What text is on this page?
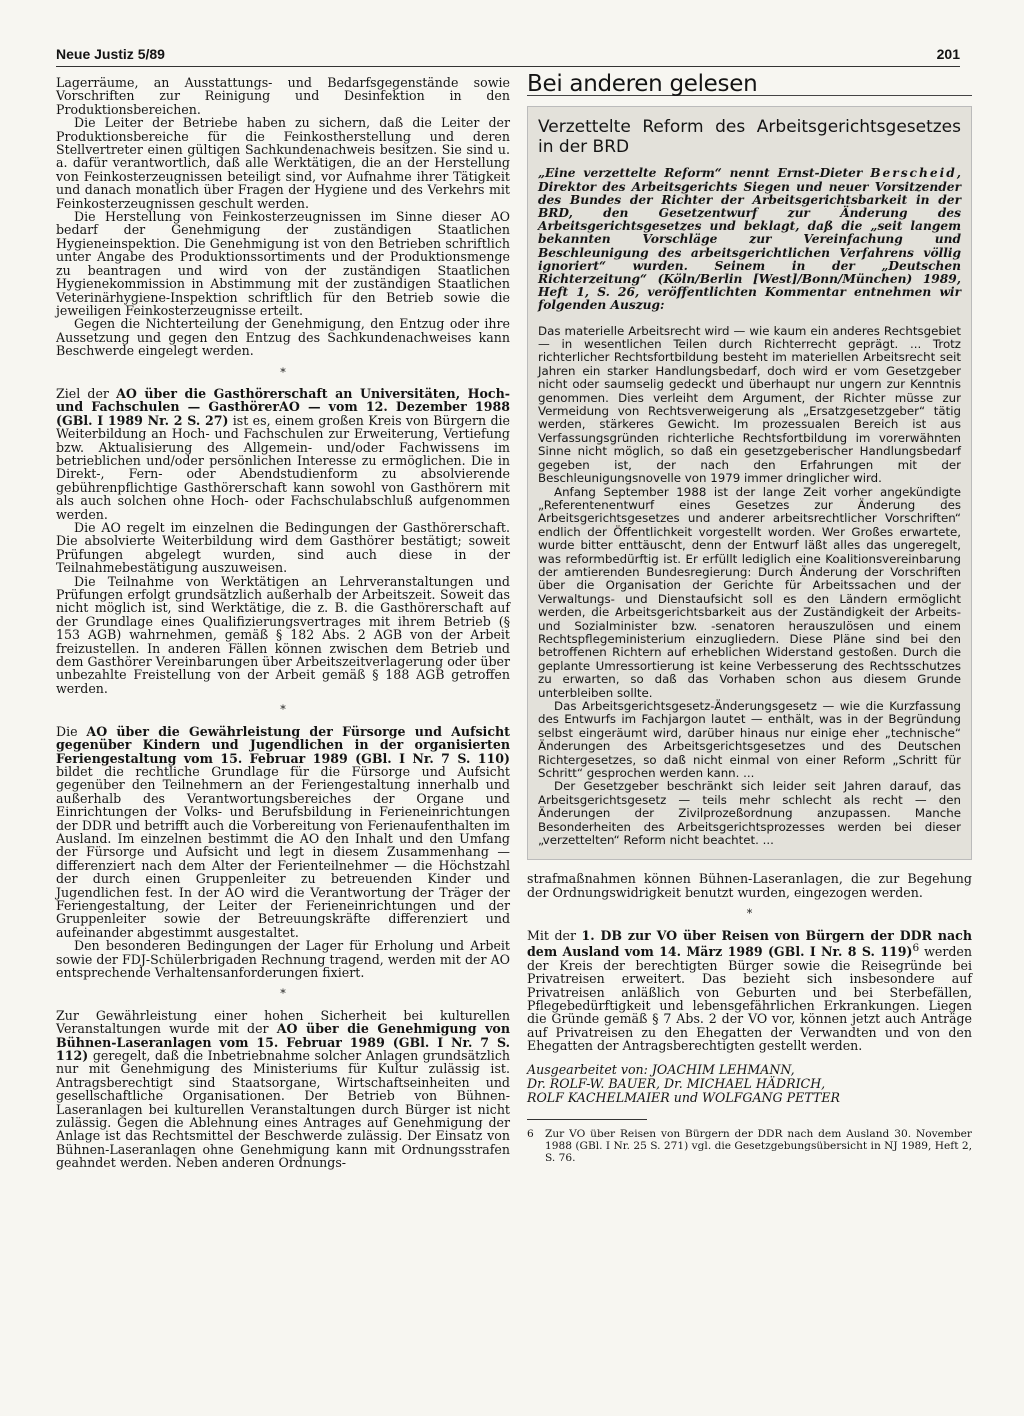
Neue Justiz 5/89	201

Lagerräume, an Ausstattungs- und Bedarfsgegenstände sowie Vorschriften zur Reinigung und Desinfektion in den Produktionsbereichen.

Die Leiter der Betriebe haben zu sichern, daß die Leiter der Produktionsbereiche für die Feinkostherstellung und deren Stellvertreter einen gültigen Sachkundenachweis besitzen. Sie sind u. a. dafür verantwortlich, daß alle Werktätigen, die an der Herstellung von Feinkosterzeugnissen beteiligt sind, vor Aufnahme ihrer Tätigkeit und danach monatlich über Fragen der Hygiene und des Verkehrs mit Feinkosterzeugnissen geschult werden.

Die Herstellung von Feinkosterzeugnissen im Sinne dieser AO bedarf der Genehmigung der zuständigen Staatlichen Hygieneinspektion. Die Genehmigung ist von den Betrieben schriftlich unter Angabe des Produktionssortiments und der Produktionsmenge zu beantragen und wird von der zuständigen Staatlichen Hygienekommission in Abstimmung mit der zuständigen Staatlichen Veterinärhygiene-Inspektion schriftlich für den Betrieb sowie die jeweiligen Feinkosterzeugnisse erteilt.

Gegen die Nichterteilung der Genehmigung, den Entzug oder ihre Aussetzung und gegen den Entzug des Sachkundenachweises kann Beschwerde eingelegt werden.

*

Ziel der AO über die Gasthörerschaft an Universitäten, Hoch- und Fachschulen — GasthörerAO — vom 12. Dezember 1988 (GBl. I 1989 Nr. 2 S. 27) ist es, einem großen Kreis von Bürgern die Weiterbildung an Hoch- und Fachschulen zur Erweiterung, Vertiefung bzw. Aktualisierung des Allgemein- und/oder Fachwissens im betrieblichen und/oder persönlichen Interesse zu ermöglichen. Die in Direkt-, Fern- oder Abendstudienform zu absolvierende gebührenpflichtige Gasthörerschaft kann sowohl von Gasthörern mit als auch solchen ohne Hoch- oder Fachschulabschluß aufgenommen werden.

Die AO regelt im einzelnen die Bedingungen der Gasthörerschaft. Die absolvierte Weiterbildung wird dem Gasthörer bestätigt; soweit Prüfungen abgelegt wurden, sind auch diese in der Teilnahmebestätigung auszuweisen.

Die Teilnahme von Werktätigen an Lehrveranstaltungen und Prüfungen erfolgt grundsätzlich außerhalb der Arbeitszeit. Soweit das nicht möglich ist, sind Werktätige, die z. B. die Gasthörerschaft auf der Grundlage eines Qualifizierungsvertrages mit ihrem Betrieb (§ 153 AGB) wahrnehmen, gemäß § 182 Abs. 2 AGB von der Arbeit freizustellen. In anderen Fällen können zwischen dem Betrieb und dem Gasthörer Vereinbarungen über Arbeitszeitverlagerung oder über unbezahlte Freistellung von der Arbeit gemäß § 188 AGB getroffen werden.

*

Die AO über die Gewährleistung der Fürsorge und Aufsicht gegenüber Kindern und Jugendlichen in der organisierten Feriengestaltung vom 15. Februar 1989 (GBl. I Nr. 7 S. 110) bildet die rechtliche Grundlage für die Fürsorge und Aufsicht gegenüber den Teilnehmern an der Feriengestaltung innerhalb und außerhalb des Verantwortungsbereiches der Organe und Einrichtungen der Volks- und Berufsbildung in Ferieneinrichtungen der DDR und betrifft auch die Vorbereitung von Ferienaufenthalten im Ausland. Im einzelnen bestimmt die AO den Inhalt und den Umfang der Fürsorge und Aufsicht und legt in diesem Zusammenhang — differenziert nach dem Alter der Ferienteilnehmer — die Höchstzahl der durch einen Gruppenleiter zu betreuenden Kinder und Jugendlichen fest. In der AO wird die Verantwortung der Träger der Feriengestaltung, der Leiter der Ferieneinrichtungen und der Gruppenleiter sowie der Betreuungskräfte differenziert und aufeinander abgestimmt ausgestaltet.

Den besonderen Bedingungen der Lager für Erholung und Arbeit sowie der FDJ-Schülerbrigaden Rechnung tragend, werden mit der AO entsprechende Verhaltensanforderungen fixiert.

*

Zur Gewährleistung einer hohen Sicherheit bei kulturellen Veranstaltungen wurde mit der AO über die Genehmigung von Bühnen-Laseranlagen vom 15. Februar 1989 (GBl. I Nr. 7 S. 112) geregelt, daß die Inbetriebnahme solcher Anlagen grundsätzlich nur mit Genehmigung des Ministeriums für Kultur zulässig ist. Antragsberechtigt sind Staatsorgane, Wirtschaftseinheiten und gesellschaftliche Organisationen. Der Betrieb von Bühnen-Laseranlagen bei kulturellen Veranstaltungen durch Bürger ist nicht zulässig. Gegen die Ablehnung eines Antrages auf Genehmigung der Anlage ist das Rechtsmittel der Beschwerde zulässig. Der Einsatz von Bühnen-Laseranlagen ohne Genehmigung kann mit Ordnungsstrafen geahndet werden. Neben anderen Ordnungs-

Bei anderen gelesen
Verzettelte Reform des Arbeitsgerichtsgesetzes in der BRD
„Eine verzettelte Reform“ nennt Ernst-Dieter Berscheid, Direktor des Arbeitsgerichts Siegen und neuer Vorsitzender des Bundes der Richter der Arbeitsgerichtsbarkeit in der BRD, den Gesetzentwurf zur Änderung des Arbeitsgerichtsgesetzes und beklagt, daß die „seit langem bekannten Vorschläge zur Vereinfachung und Beschleunigung des arbeitsgerichtlichen Verfahrens völlig ignoriert“ wurden. Seinem in der „Deutschen Richterzeitung“ (Köln/Berlin [West]/Bonn/München) 1989, Heft 1, S. 26, veröffentlichten Kommentar entnehmen wir folgenden Auszug:

Das materielle Arbeitsrecht wird — wie kaum ein anderes Rechtsgebiet — in wesentlichen Teilen durch Richterrecht geprägt. ... Trotz richterlicher Rechtsfortbildung besteht im materiellen Arbeitsrecht seit Jahren ein starker Handlungsbedarf, doch wird er vom Gesetzgeber nicht oder saumselig gedeckt und überhaupt nur ungern zur Kenntnis genommen. Dies verleiht dem Argument, der Richter müsse zur Vermeidung von Rechtsverweigerung als „Ersatzgesetzgeber“ tätig werden, stärkeres Gewicht. Im prozessualen Bereich ist aus Verfassungsgründen richterliche Rechtsfortbildung im vorerwähnten Sinne nicht möglich, so daß ein gesetzgeberischer Handlungsbedarf gegeben ist, der nach den Erfahrungen mit der Beschleunigungsnovelle von 1979 immer dringlicher wird.

Anfang September 1988 ist der lange Zeit vorher angekündigte „Referentenentwurf eines Gesetzes zur Änderung des Arbeitsgerichtsgesetzes und anderer arbeitsrechtlicher Vorschriften“ endlich der Öffentlichkeit vorgestellt worden. Wer Großes erwartete, wurde bitter enttäuscht, denn der Entwurf läßt alles das ungeregelt, was reformbedürftig ist. Er erfüllt lediglich eine Koalitionsvereinbarung der amtierenden Bundesregierung: Durch Änderung der Vorschriften über die Organisation der Gerichte für Arbeitssachen und der Verwaltungs- und Dienstaufsicht soll es den Ländern ermöglicht werden, die Arbeitsgerichtsbarkeit aus der Zuständigkeit der Arbeits- und Sozialminister bzw. -senatoren herauszulösen und einem Rechtspflegeministerium einzugliedern. Diese Pläne sind bei den betroffenen Richtern auf erheblichen Widerstand gestoßen. Durch die geplante Umressortierung ist keine Verbesserung des Rechtsschutzes zu erwarten, so daß das Vorhaben schon aus diesem Grunde unterbleiben sollte.

Das Arbeitsgerichtsgesetz-Änderungsgesetz — wie die Kurzfassung des Entwurfs im Fachjargon lautet — enthält, was in der Begründung selbst eingeräumt wird, darüber hinaus nur einige eher „technische“ Änderungen des Arbeitsgerichtsgesetzes und des Deutschen Richtergesetzes, so daß nicht einmal von einer Reform „Schritt für Schritt“ gesprochen werden kann. ...

Der Gesetzgeber beschränkt sich leider seit Jahren darauf, das Arbeitsgerichtsgesetz — teils mehr schlecht als recht — den Änderungen der Zivilprozeßordnung anzupassen. Manche Besonderheiten des Arbeitsgerichtsprozesses werden bei dieser „verzettelten“ Reform nicht beachtet. ...

strafmaßnahmen können Bühnen-Laseranlagen, die zur Begehung der Ordnungswidrigkeit benutzt wurden, eingezogen werden.

*

Mit der 1. DB zur VO über Reisen von Bürgern der DDR nach dem Ausland vom 14. März 1989 (GBl. I Nr. 8 S. 119)$^6$ werden der Kreis der berechtigten Bürger sowie die Reisegründe bei Privatreisen erweitert. Das bezieht sich insbesondere auf Privatreisen anläßlich von Geburten und bei Sterbefällen, Pflegebedürftigkeit und lebensgefährlichen Erkrankungen. Liegen die Gründe gemäß § 7 Abs. 2 der VO vor, können jetzt auch Anträge auf Privatreisen zu den Ehegatten der Verwandten und von den Ehegatten der Antragsberechtigten gestellt werden.

Ausgearbeitet von: JOACHIM LEHMANN,

Dr. ROLF-W. BAUER, Dr. MICHAEL HÄDRICH,

ROLF KACHELMAIER und WOLFGANG PETTER

6	Zur VO über Reisen von Bürgern der DDR nach dem Ausland 30. November 1988 (GBl. I Nr. 25 S. 271) vgl. die Gesetzgebungsübersicht in NJ 1989, Heft 2, S. 76.
